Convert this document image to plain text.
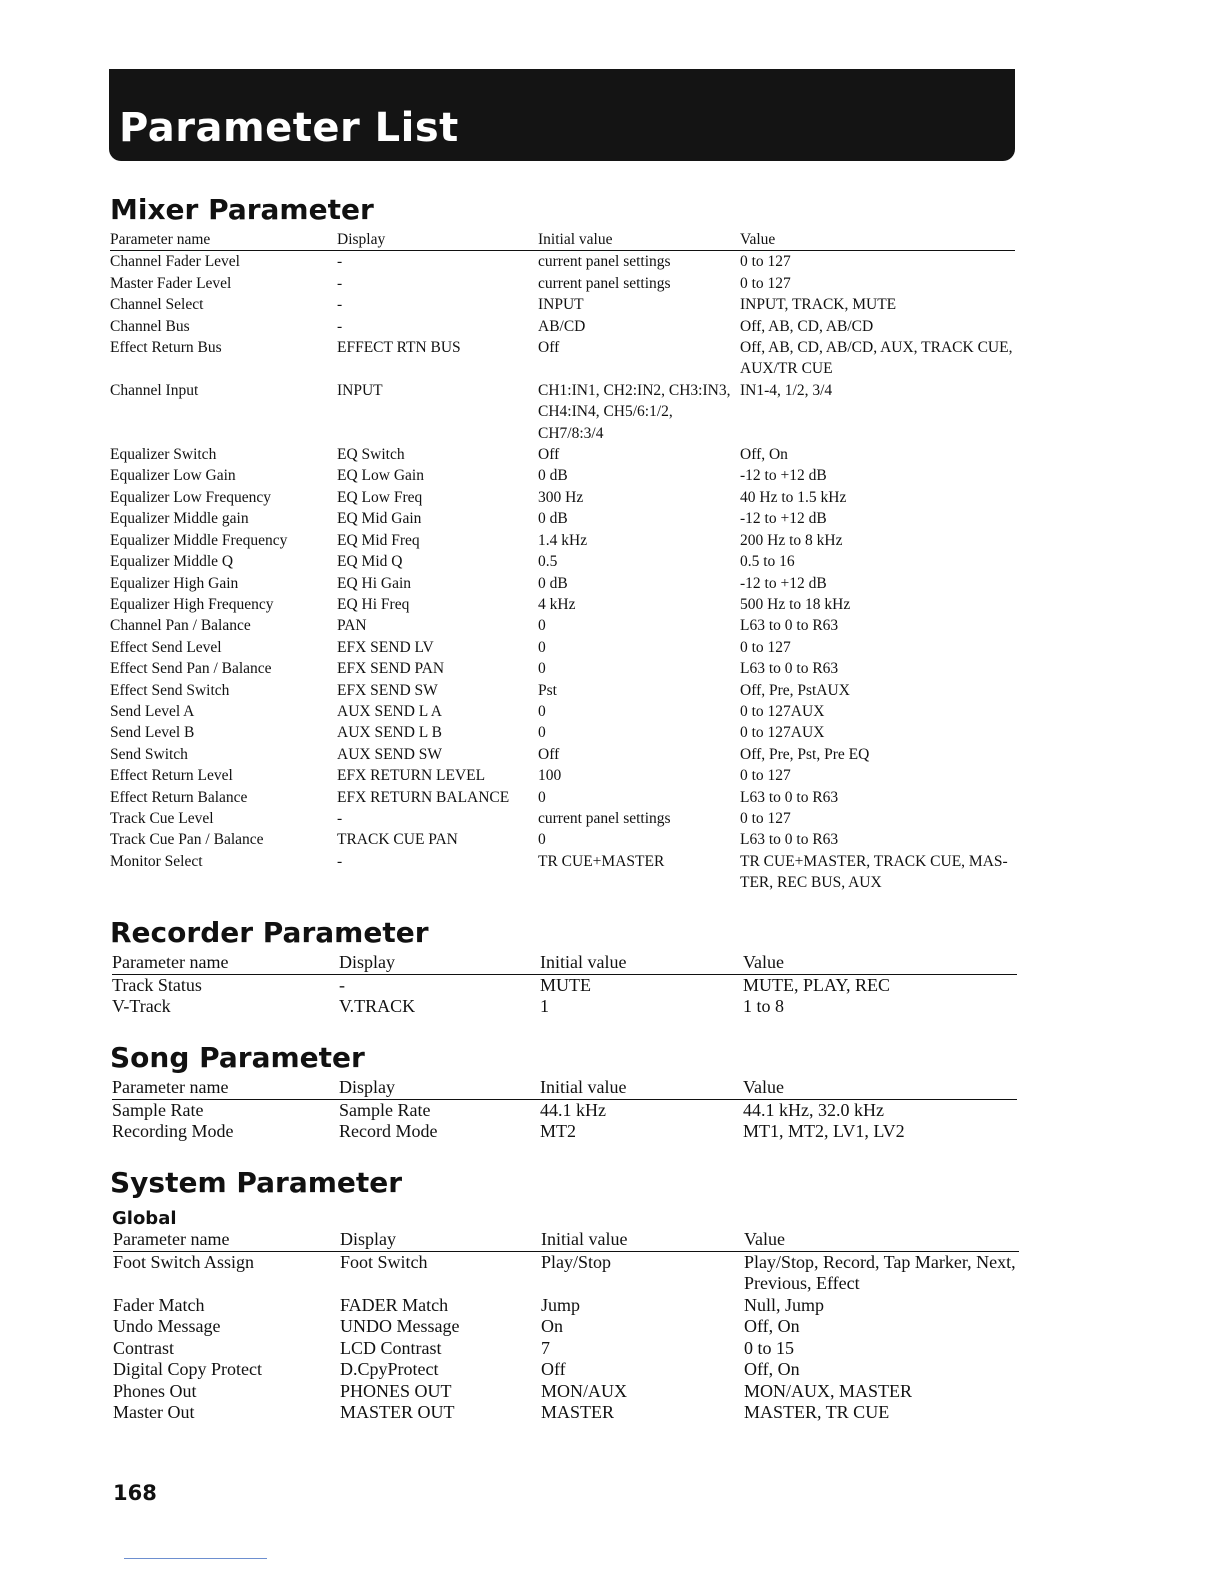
Parameter List
Mixer Parameter
Parameter name	Display	Initial value	Value
Channel Fader Level	-	current panel settings	0 to 127
Master Fader Level	-	current panel settings	0 to 127
Channel Select	-	INPUT	INPUT, TRACK, MUTE
Channel Bus	-	AB/CD	Off, AB, CD, AB/CD
Effect Return Bus	EFFECT RTN BUS	Off	Off, AB, CD, AB/CD, AUX, TRACK CUE, AUX/TR CUE
Channel Input	INPUT	CH1:IN1, CH2:IN2, CH3:IN3, CH4:IN4, CH5/6:1/2, CH7/8:3/4	IN1-4, 1/2, 3/4
Equalizer Switch	EQ Switch	Off	Off, On
Equalizer Low Gain	EQ Low Gain	0 dB	-12 to +12 dB
Equalizer Low Frequency	EQ Low Freq	300 Hz	40 Hz to 1.5 kHz
Equalizer Middle gain	EQ Mid Gain	0 dB	-12 to +12 dB
Equalizer Middle Frequency	EQ Mid Freq	1.4 kHz	200 Hz to 8 kHz
Equalizer Middle Q	EQ Mid Q	0.5	0.5 to 16
Equalizer High Gain	EQ Hi Gain	0 dB	-12 to +12 dB
Equalizer High Frequency	EQ Hi Freq	4 kHz	500 Hz to 18 kHz
Channel Pan / Balance	PAN	0	L63 to 0 to R63
Effect Send Level	EFX SEND LV	0	0 to 127
Effect Send Pan / Balance	EFX SEND PAN	0	L63 to 0 to R63
Effect Send Switch	EFX SEND SW	Pst	Off, Pre, PstAUX
Send Level A	AUX SEND L A	0	0 to 127AUX
Send Level B	AUX SEND L B	0	0 to 127AUX
Send Switch	AUX SEND SW	Off	Off, Pre, Pst, Pre EQ
Effect Return Level	EFX RETURN LEVEL	100	0 to 127
Effect Return Balance	EFX RETURN BALANCE	0	L63 to 0 to R63
Track Cue Level	-	current panel settings	0 to 127
Track Cue Pan / Balance	TRACK CUE PAN	0	L63 to 0 to R63
Monitor Select	-	TR CUE+MASTER	TR CUE+MASTER, TRACK CUE, MAS-TER, REC BUS, AUX
Recorder Parameter
Parameter name	Display	Initial value	Value
Track Status	-	MUTE	MUTE, PLAY, REC
V-Track	V.TRACK	1	1 to 8
Song Parameter
Parameter name	Display	Initial value	Value
Sample Rate	Sample Rate	44.1 kHz	44.1 kHz, 32.0 kHz
Recording Mode	Record Mode	MT2	MT1, MT2, LV1, LV2
System Parameter
Global
Parameter name	Display	Initial value	Value
Foot Switch Assign	Foot Switch	Play/Stop	Play/Stop, Record, Tap Marker, Next, Previous, Effect
Fader Match	FADER Match	Jump	Null, Jump
Undo Message	UNDO Message	On	Off, On
Contrast	LCD Contrast	7	0 to 15
Digital Copy Protect	D.CpyProtect	Off	Off, On
Phones Out	PHONES OUT	MON/AUX	MON/AUX, MASTER
Master Out	MASTER OUT	MASTER	MASTER, TR CUE

168
